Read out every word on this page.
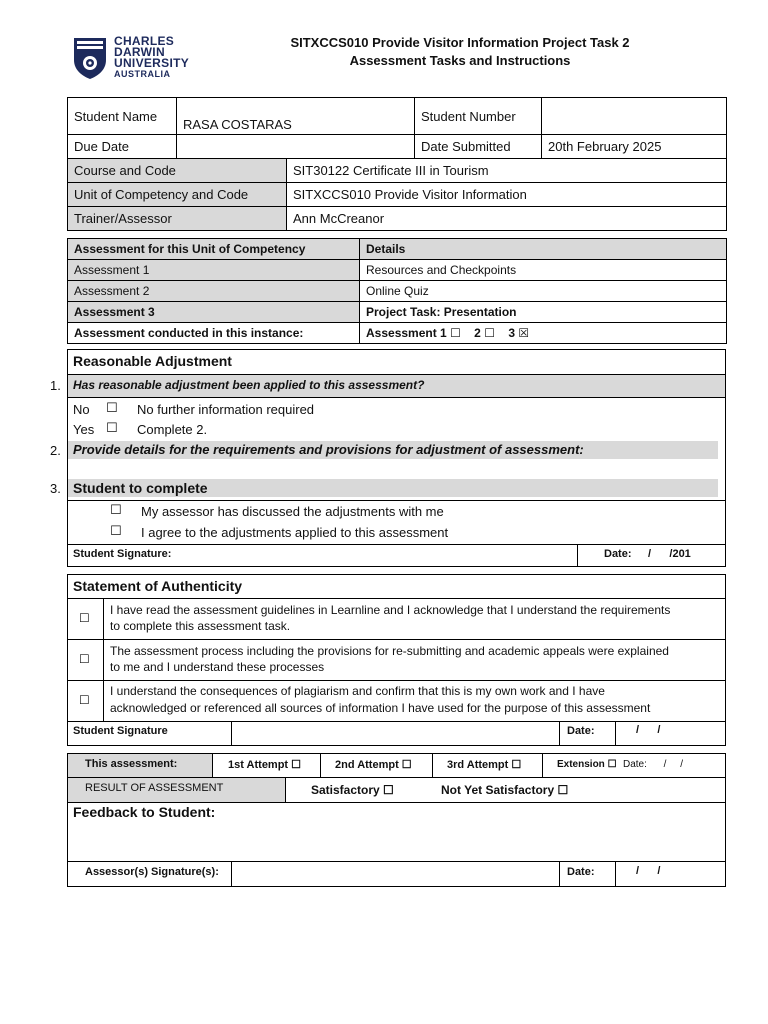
CHARLES
DARWIN
UNIVERSITY
AUSTRALIA
SITXCCS010 Provide Visitor Information Project Task 2
Assessment Tasks and Instructions
Student Name	RASA COSTARAS		Student Number	
Due Date			Date Submitted	20th February 2025
Course and Code		SIT30122 Certificate III in Tourism		
Unit of Competency and Code		SITXCCS010 Provide Visitor Information		
Trainer/Assessor		Ann McCreanor		
Assessment for this Unit of Competency	Details
Assessment 1	Resources and Checkpoints
Assessment 2	Online Quiz
Assessment 3	Project Task: Presentation
Assessment conducted in this instance:	Assessment 1 ☐ 2 ☐ 3 ☒
Reasonable Adjustment
1. Has reasonable adjustment been applied to this assessment?
No ☐ No further information required
Yes ☐ Complete 2.
2. Provide details for the requirements and provisions for adjustment of assessment:
3. Student to complete
☐ My assessor has discussed the adjustments with me
☐ I agree to the adjustments applied to this assessment
Student Signature:	Date: /      /201
Statement of Authenticity
☐
I have read the assessment guidelines in Learnline and I acknowledge that I understand the requirements
to complete this assessment task.
☐
The assessment process including the provisions for re-submitting and academic appeals were explained
to me and I understand these processes
☐
I understand the consequences of plagiarism and confirm that this is my own work and I have
acknowledged or referenced all sources of information I have used for the purpose of this assessment
Student Signature	Date:	/      /
This assessment:	1st Attempt ☐	2nd Attempt ☐	3rd Attempt ☐	Extension ☐ Date:      /     /
RESULT OF ASSESSMENT	Satisfactory ☐	Not Yet Satisfactory ☐
Feedback to Student:
Assessor(s) Signature(s):	Date:	/      /
